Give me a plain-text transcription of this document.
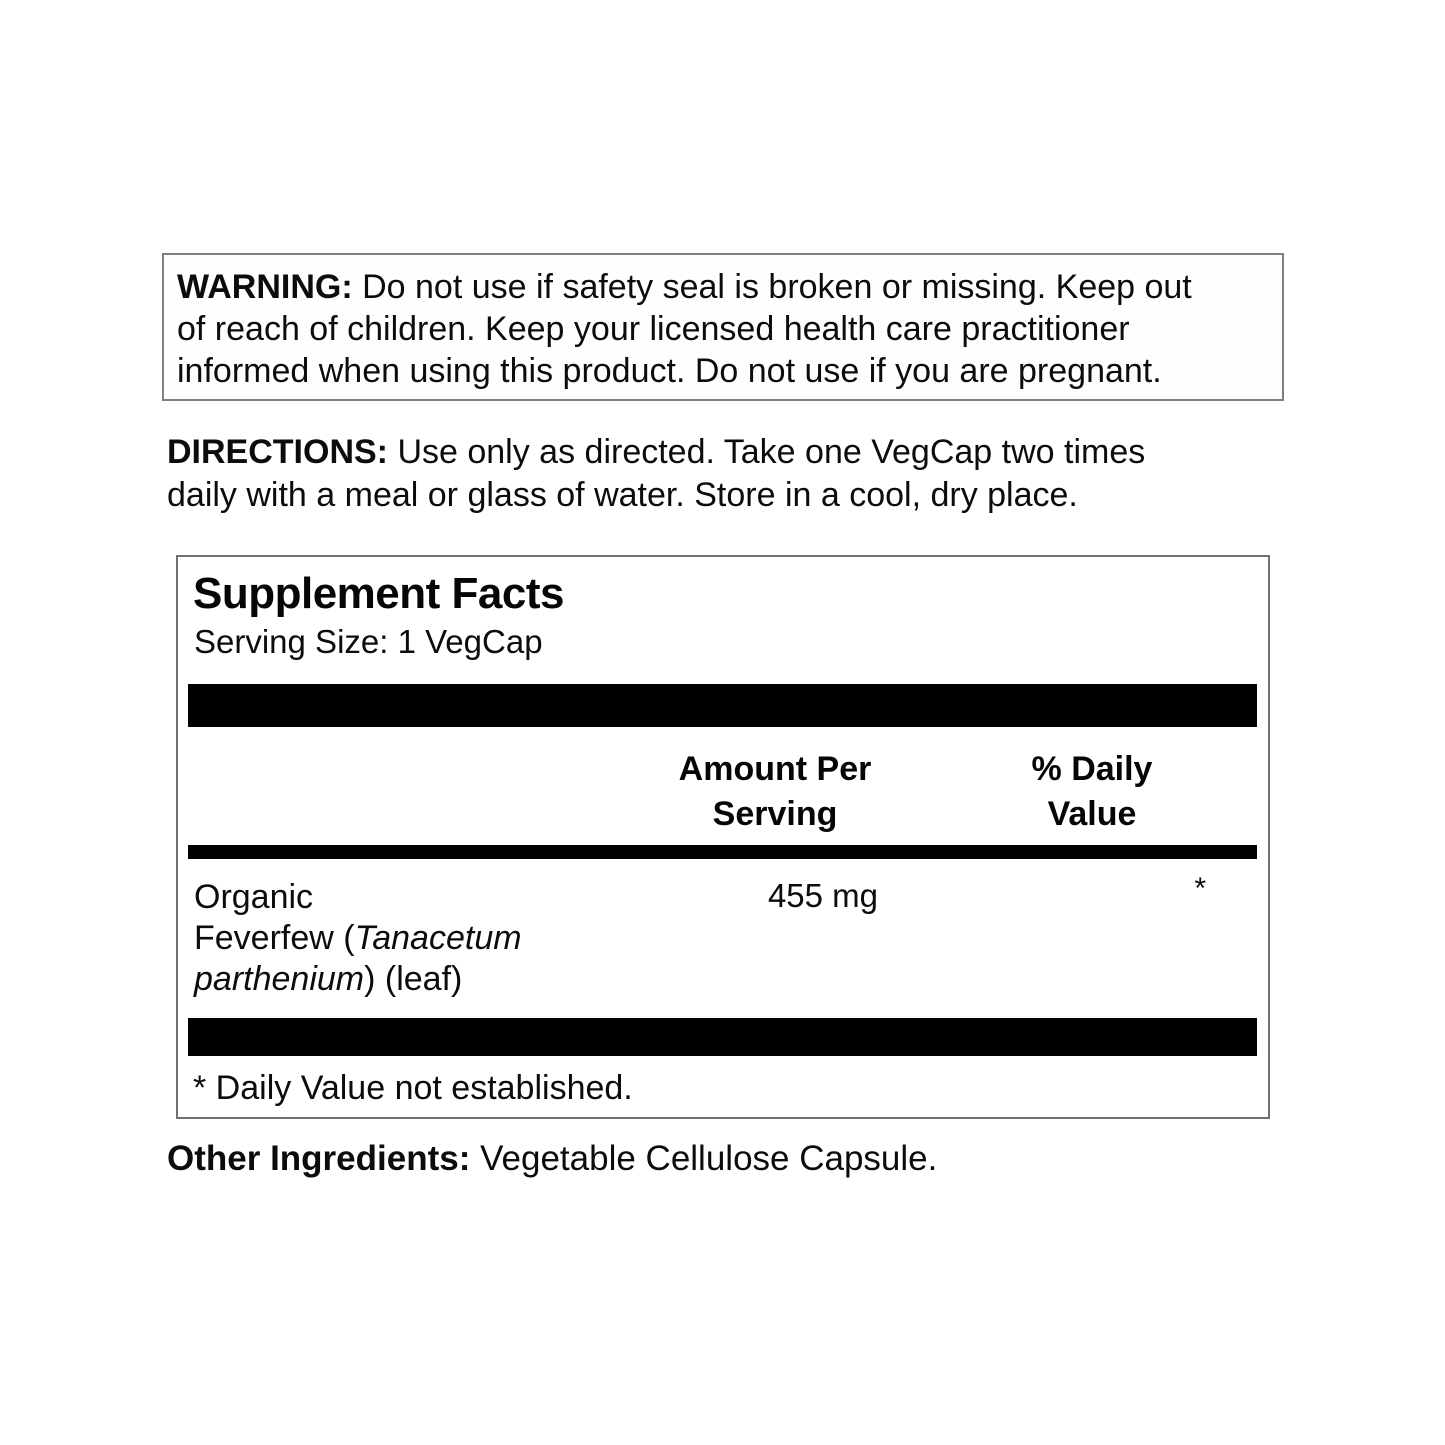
WARNING: Do not use if safety seal is broken or missing. Keep out
of reach of children. Keep your licensed health care practitioner
informed when using this product. Do not use if you are pregnant.

DIRECTIONS: Use only as directed. Take one VegCap two times
daily with a meal or glass of water. Store in a cool, dry place.
Supplement Facts
Serving Size: 1 VegCap
Amount Per Serving
% Daily Value
Organic
Feverfew (Tanacetum
parthenium) (leaf)
455 mg	*
* Daily Value not established.
Other Ingredients: Vegetable Cellulose Capsule.
